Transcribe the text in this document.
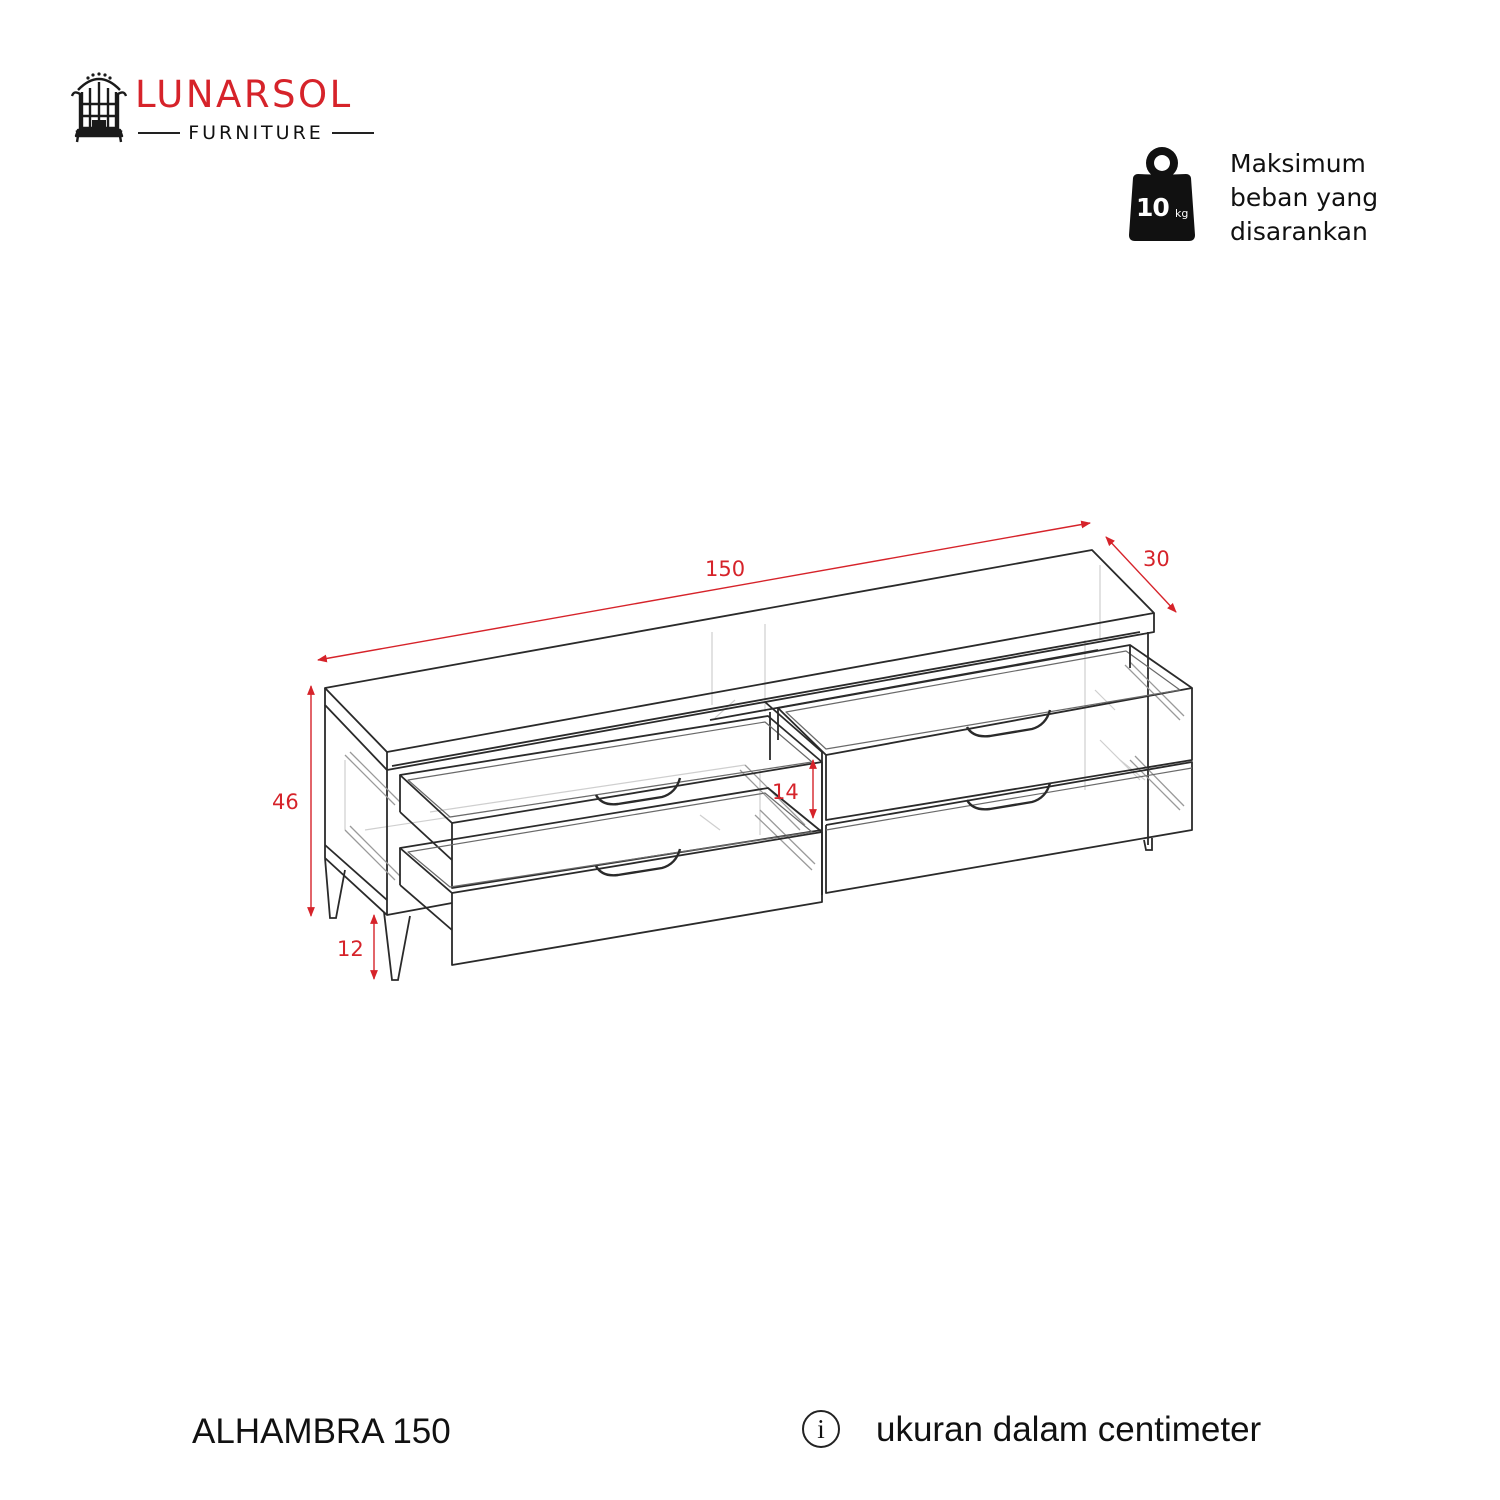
LUNARSOL
FURNITURE
10 kg
Maksimum
beban yang
disarankan
150	30
46
12
14
ALHAMBRA 150	i	ukuran dalam centimeter
